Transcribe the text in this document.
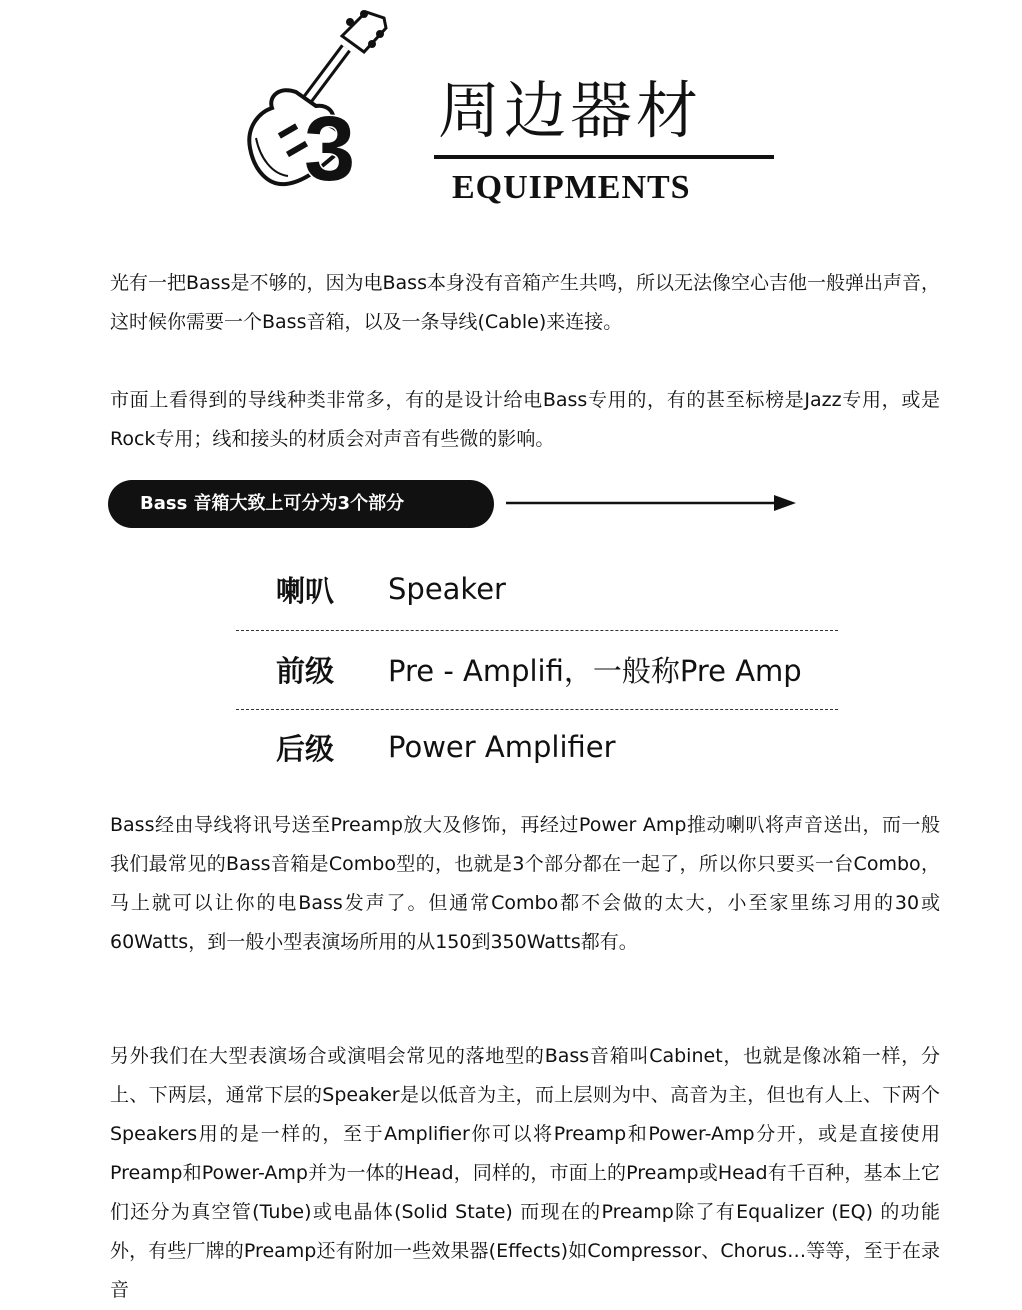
3 周边器材
EQUIPMENTS

光有一把Bass是不够的，因为电Bass本身没有音箱产生共鸣，所以无法像空心吉他一般弹出声音，这时候你需要一个Bass音箱，以及一条导线(Cable)来连接。

市面上看得到的导线种类非常多，有的是设计给电Bass专用的，有的甚至标榜是Jazz专用，或是Rock专用；线和接头的材质会对声音有些微的影响。

Bass 音箱大致上可分为3个部分
喇叭	Speaker
前级	Pre - Amplifi，一般称Pre Amp
后级	Power Amplifier

Bass经由导线将讯号送至Preamp放大及修饰，再经过Power Amp推动喇叭将声音送出，而一般我们最常见的Bass音箱是Combo型的，也就是3个部分都在一起了，所以你只要买一台Combo，马上就可以让你的电Bass发声了。但通常Combo都不会做的太大，小至家里练习用的30或60Watts，到一般小型表演场所用的从150到350Watts都有。

另外我们在大型表演场合或演唱会常见的落地型的Bass音箱叫Cabinet，也就是像冰箱一样，分上、下两层，通常下层的Speaker是以低音为主，而上层则为中、高音为主，但也有人上、下两个Speakers用的是一样的，至于Amplifier你可以将Preamp和Power-Amp分开，或是直接使用Preamp和Power-Amp并为一体的Head，同样的，市面上的Preamp或Head有千百种，基本上它们还分为真空管(Tube)或电晶体(Solid State) 而现在的Preamp除了有Equalizer (EQ) 的功能外，有些厂牌的Preamp还有附加一些效果器(Effects)如Compressor、Chorus…等等，至于在录音
